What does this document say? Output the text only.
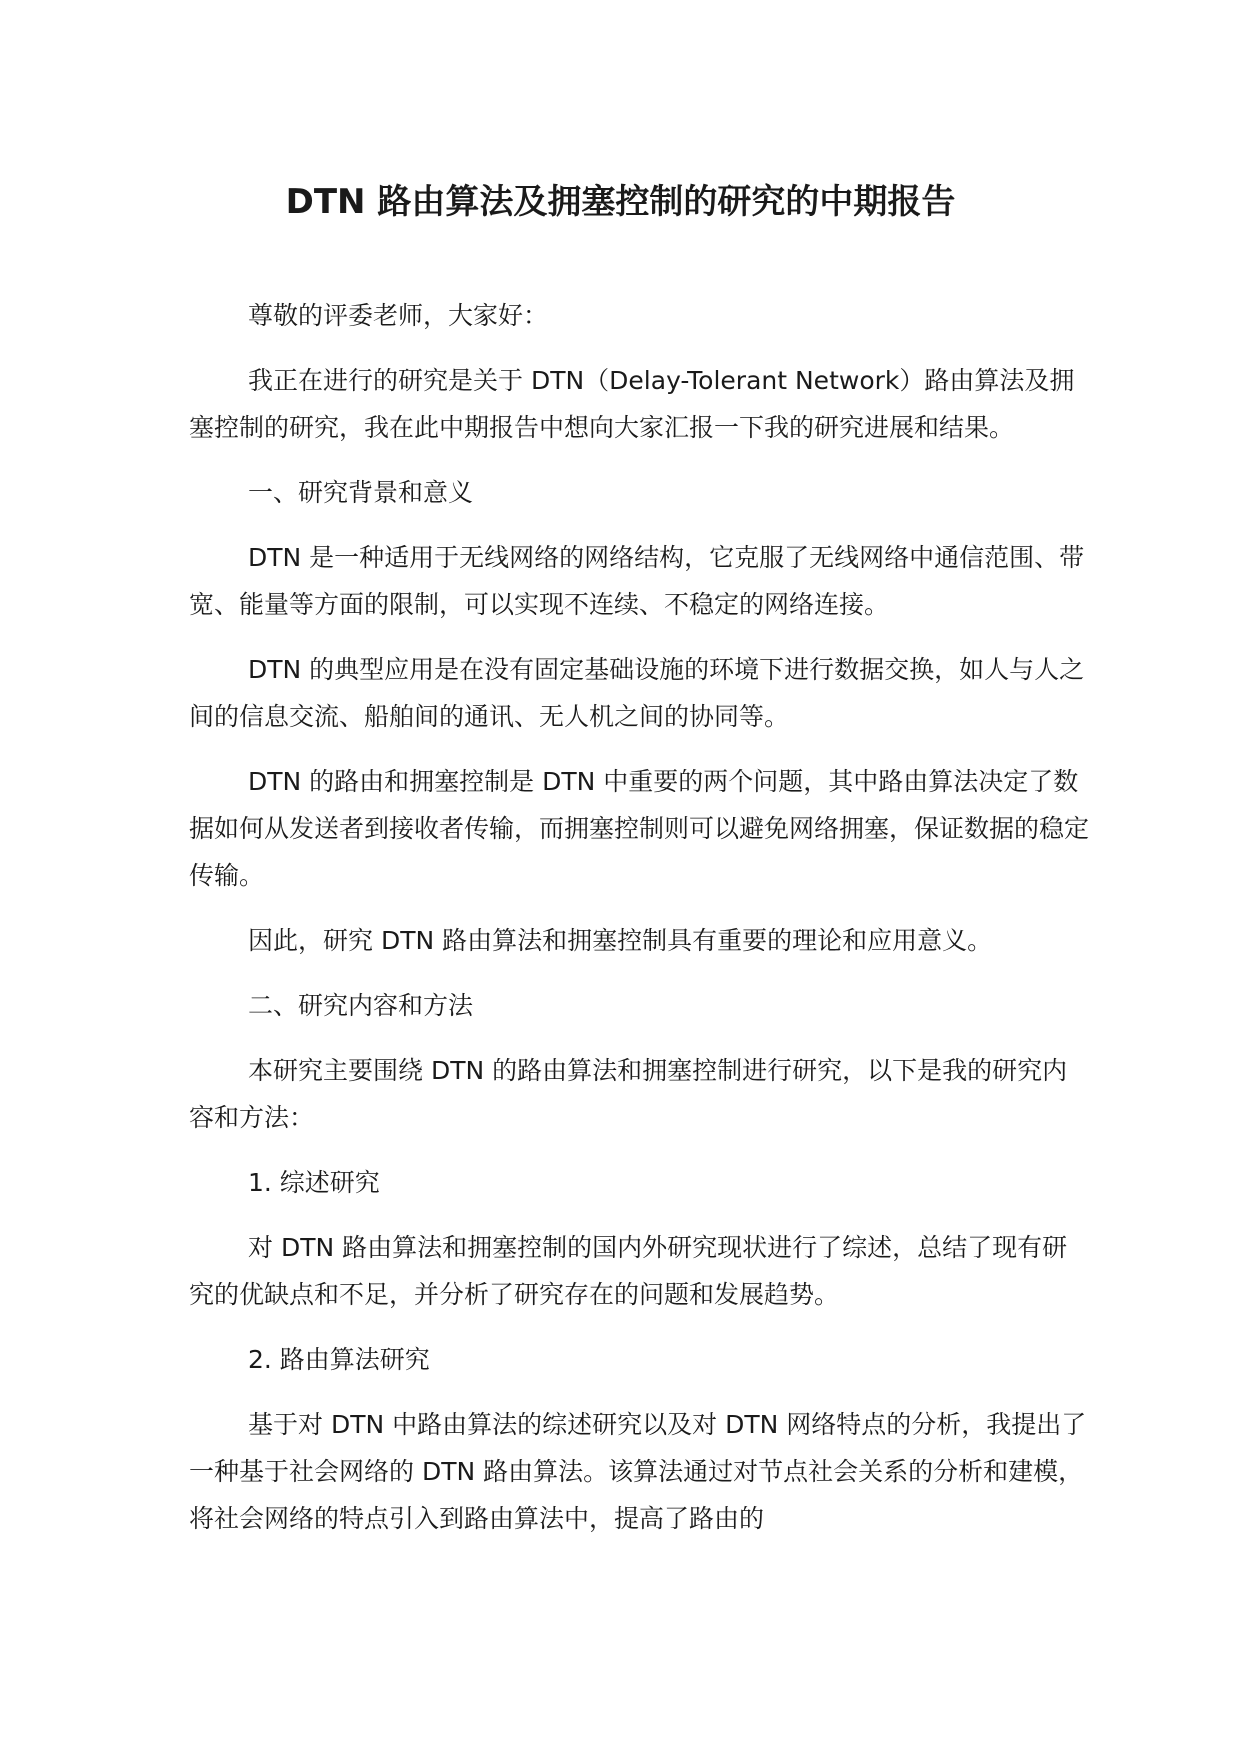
DTN 路由算法及拥塞控制的研究的中期报告

尊敬的评委老师，大家好：

我正在进行的研究是关于 DTN（Delay-Tolerant Network）路由算法及拥塞控制的研究，我在此中期报告中想向大家汇报一下我的研究进展和结果。

一、研究背景和意义

DTN 是一种适用于无线网络的网络结构，它克服了无线网络中通信范围、带宽、能量等方面的限制，可以实现不连续、不稳定的网络连接。

DTN 的典型应用是在没有固定基础设施的环境下进行数据交换，如人与人之间的信息交流、船舶间的通讯、无人机之间的协同等。

DTN 的路由和拥塞控制是 DTN 中重要的两个问题，其中路由算法决定了数据如何从发送者到接收者传输，而拥塞控制则可以避免网络拥塞，保证数据的稳定传输。

因此，研究 DTN 路由算法和拥塞控制具有重要的理论和应用意义。

二、研究内容和方法

本研究主要围绕 DTN 的路由算法和拥塞控制进行研究，以下是我的研究内容和方法：

1. 综述研究

对 DTN 路由算法和拥塞控制的国内外研究现状进行了综述，总结了现有研究的优缺点和不足，并分析了研究存在的问题和发展趋势。

2. 路由算法研究

基于对 DTN 中路由算法的综述研究以及对 DTN 网络特点的分析，我提出了一种基于社会网络的 DTN 路由算法。该算法通过对节点社会关系的分析和建模，将社会网络的特点引入到路由算法中，提高了路由的
